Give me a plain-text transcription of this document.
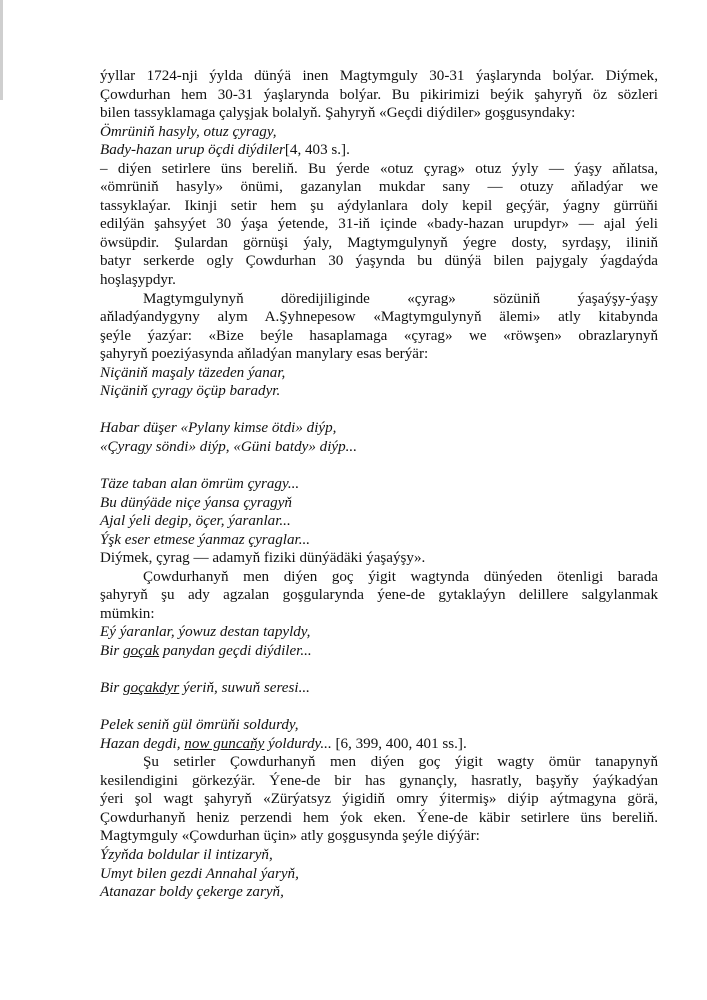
ýyllar 1724-nji ýylda dünýä inen Magtymguly 30-31 ýaşlarynda bolýar. Diýmek,
Çowdurhan hem 30-31 ýaşlarynda bolýar. Bu pikirimizi beýik şahyryň öz sözleri
bilen tassyklamaga çalyşjak bolalyň. Şahyryň «Geçdi diýdiler» goşgusyndaky:
Ömrüniň hasyly, otuz çyragy,
Bady-hazan urup öçdi diýdiler[4, 403 s.].
– diýen setirlere üns bereliň. Bu ýerde «otuz çyrag» otuz ýyly — ýaşy aňlatsa,
«ömrüniň hasyly» önümi, gazanylan mukdar sany — otuzy aňladýar we
tassyklaýar. Ikinji setir hem şu aýdylanlara doly kepil geçýär, ýagny gürrüňi
edilýän şahsyýet 30 ýaşa ýetende, 31-iň içinde «bady-hazan urupdyr» — ajal ýeli
öwsüpdir. Şulardan görnüşi ýaly, Magtymgulynyň ýegre dosty, syrdaşy, iliniň
batyr serkerde ogly Çowdurhan 30 ýaşynda bu dünýä bilen pajygaly ýagdaýda
hoşlaşypdyr.
Magtymgulynyň döredijiliginde «çyrag» sözüniň ýaşaýşy-ýaşy
aňladýandygyny alym A.Şyhnepesow «Magtymgulynyň älemi» atly kitabynda
şeýle ýazýar: «Bize beýle hasaplamaga «çyrag» we «röwşen» obrazlarynyň
şahyryň poeziýasynda aňladýan manylary esas berýär:
Niçäniň maşaly täzeden ýanar,
Niçäniň çyragy öçüp baradyr.
Habar düşer «Pylany kimse ötdi» diýp,
«Çyragy söndi» diýp, «Güni batdy» diýp...
Täze taban alan ömrüm çyragy...
Bu dünýäde niçe ýansa çyragyň
Ajal ýeli degip, öçer, ýaranlar...
Ýşk eser etmese ýanmaz çyraglar...
Diýmek, çyrag — adamyň fiziki dünýädäki ýaşaýşy».
Çowdurhanyň men diýen goç ýigit wagtynda dünýeden ötenligi barada
şahyryň şu ady agzalan goşgularynda ýene-de gytaklaýyn delillere salgylanmak
mümkin:
Eý ýaranlar, ýowuz destan tapyldy,
Bir goçak panydan geçdi diýdiler...
Bir goçakdyr ýeriň, suwuň seresi...
Pelek seniň gül ömrüňi soldurdy,
Hazan degdi, now guncaňy ýoldurdy... [6, 399, 400, 401 ss.].
Şu setirler Çowdurhanyň men diýen goç ýigit wagty ömür tanapynyň
kesilendigini görkezýär. Ýene-de bir has gynançly, hasratly, başyňy ýaýkadýan
ýeri şol wagt şahyryň «Zürýatsyz ýigidiň omry ýitermiş» diýip aýtmagyna görä,
Çowdurhanyň heniz perzendi hem ýok eken. Ýene-de käbir setirlere üns bereliň.
Magtymguly «Çowdurhan üçin» atly goşgusynda şeýle diýýär:
Ýzyňda boldular il intizaryň,
Umyt bilen gezdi Annahal ýaryň,
Atanazar boldy çekerge zaryň,
